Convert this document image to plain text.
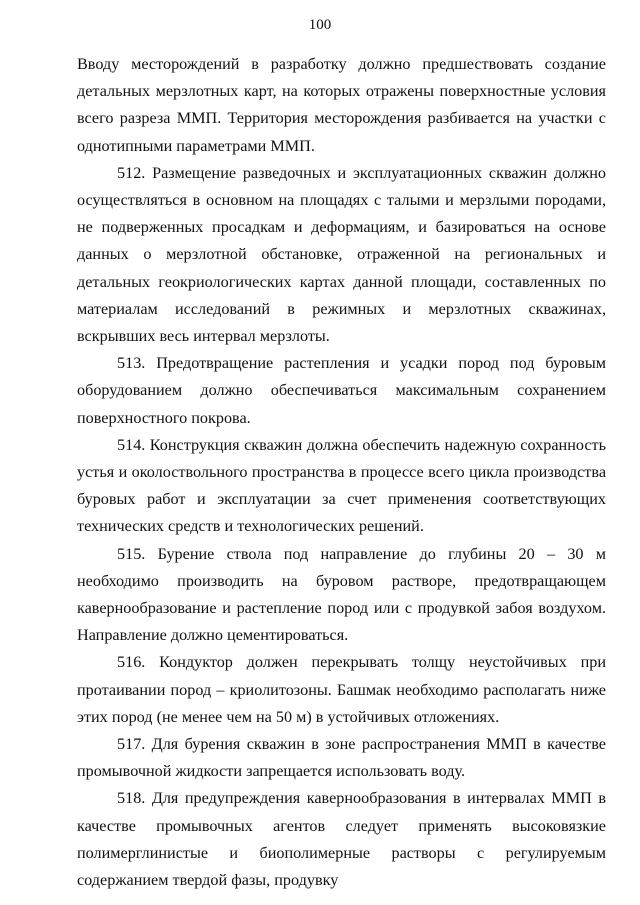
100

Вводу месторождений в разработку должно предшествовать создание детальных мерзлотных карт, на которых отражены поверхностные условия всего разреза ММП. Территория месторождения разбивается на участки с однотипными параметрами ММП.

512. Размещение разведочных и эксплуатационных скважин должно осуществляться в основном на площадях с талыми и мерзлыми породами, не подверженных просадкам и деформациям, и базироваться на основе данных о мерзлотной обстановке, отраженной на региональных и детальных геокриологических картах данной площади, составленных по материалам исследований в режимных и мерзлотных скважинах, вскрывших весь интервал мерзлоты.

513. Предотвращение растепления и усадки пород под буровым оборудованием должно обеспечиваться максимальным сохранением поверхностного покрова.

514. Конструкция скважин должна обеспечить надежную сохранность устья и околоствольного пространства в процессе всего цикла производства буровых работ и эксплуатации за счет применения соответствующих технических средств и технологических решений.

515. Бурение ствола под направление до глубины 20 – 30 м необходимо производить на буровом растворе, предотвращающем кавернообразование и растепление пород или с продувкой забоя воздухом. Направление должно цементироваться.

516. Кондуктор должен перекрывать толщу неустойчивых при протаивании пород – криолитозоны. Башмак необходимо располагать ниже этих пород (не менее чем на 50 м) в устойчивых отложениях.

517. Для бурения скважин в зоне распространения ММП в качестве промывочной жидкости запрещается использовать воду.

518. Для предупреждения кавернообразования в интервалах ММП в качестве промывочных агентов следует применять высоковязкие полимерглинистые и биополимерные растворы с регулируемым содержанием твердой фазы, продувку
